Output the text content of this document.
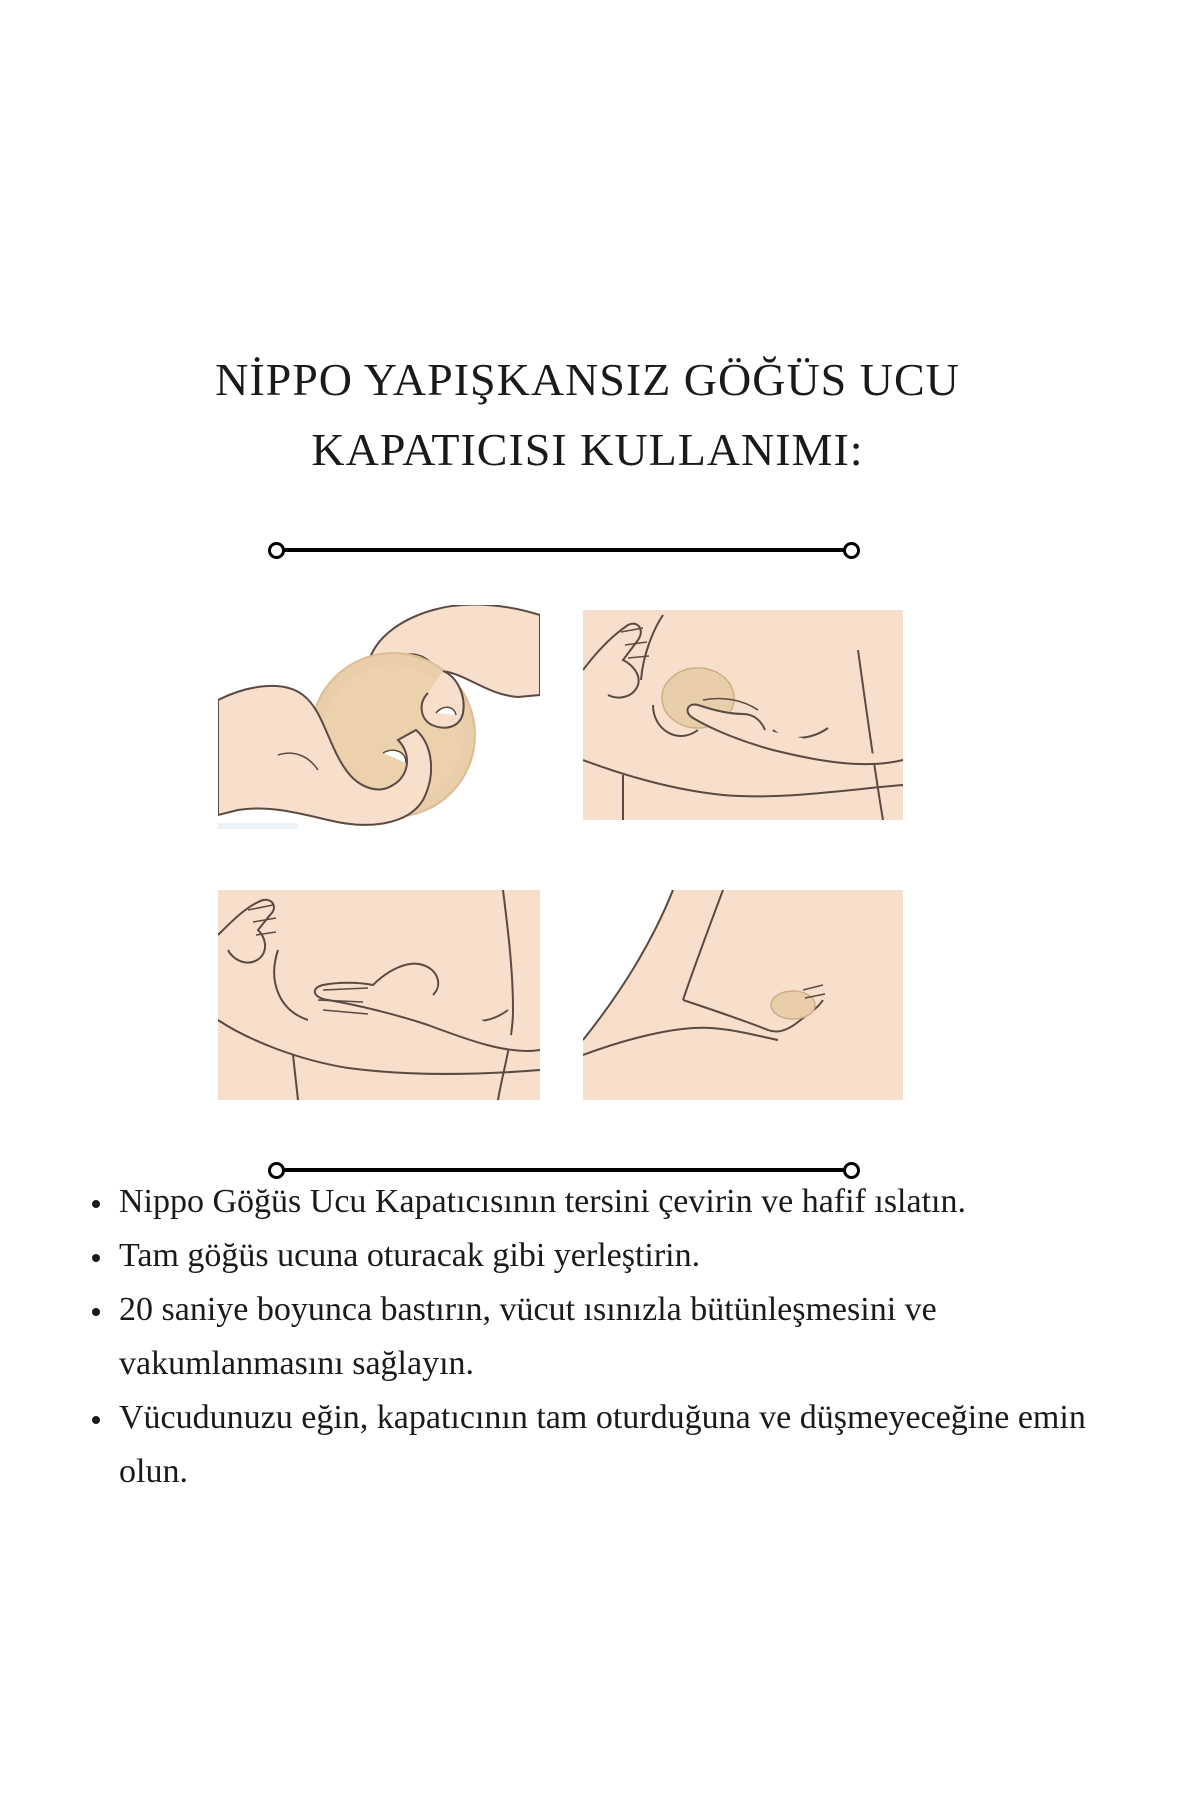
NİPPO YAPIŞKANSIZ GÖĞÜS UCU
KAPATICISI KULLANIMI:
• Nippo Göğüs Ucu Kapatıcısının tersini çevirin ve hafif ıslatın.
• Tam göğüs ucuna oturacak gibi yerleştirin.
• 20 saniye boyunca bastırın, vücut ısınızla bütünleşmesini ve vakumlanmasını sağlayın.
• Vücudunuzu eğin, kapatıcının tam oturduğuna ve düşmeyeceğine emin olun.
